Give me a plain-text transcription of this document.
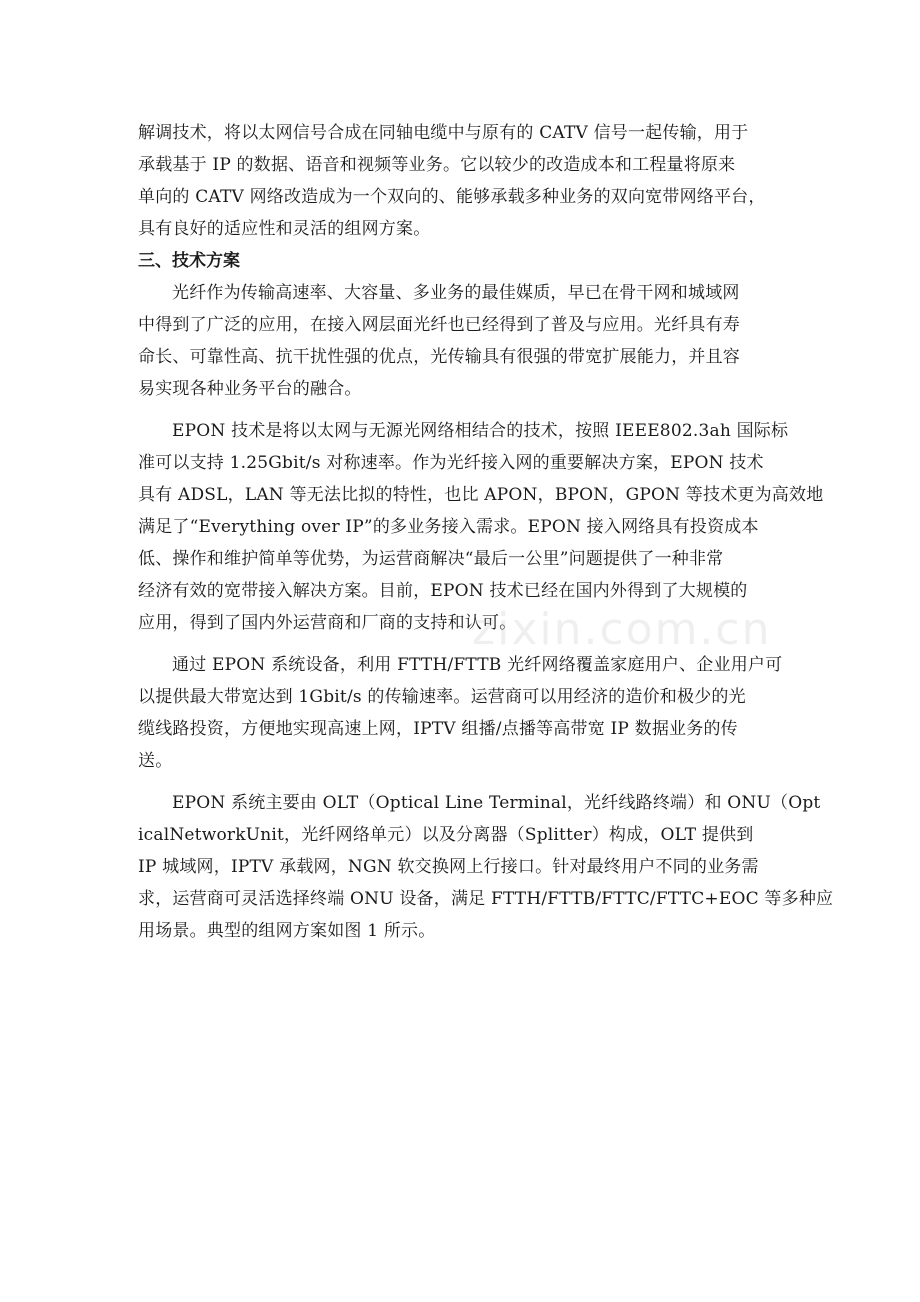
解调技术，将以太网信号合成在同轴电缆中与原有的 CATV 信号一起传输，用于
承载基于 IP 的数据、语音和视频等业务。它以较少的改造成本和工程量将原来
单向的 CATV 网络改造成为一个双向的、能够承载多种业务的双向宽带网络平台，
具有良好的适应性和灵活的组网方案。
三、技术方案
光纤作为传输高速率、大容量、多业务的最佳媒质，早已在骨干网和城域网
中得到了广泛的应用，在接入网层面光纤也已经得到了普及与应用。光纤具有寿
命长、可靠性高、抗干扰性强的优点，光传输具有很强的带宽扩展能力，并且容
易实现各种业务平台的融合。
EPON 技术是将以太网与无源光网络相结合的技术，按照 IEEE802.3ah 国际标
准可以支持 1.25Gbit/s 对称速率。作为光纤接入网的重要解决方案，EPON 技术
具有 ADSL，LAN 等无法比拟的特性，也比 APON，BPON，GPON 等技术更为高效地
满足了“Everything over IP”的多业务接入需求。EPON 接入网络具有投资成本
低、操作和维护简单等优势，为运营商解决“最后一公里”问题提供了一种非常
经济有效的宽带接入解决方案。目前，EPON 技术已经在国内外得到了大规模的
应用，得到了国内外运营商和厂商的支持和认可。
通过 EPON 系统设备，利用 FTTH/FTTB 光纤网络覆盖家庭用户、企业用户可
以提供最大带宽达到 1Gbit/s 的传输速率。运营商可以用经济的造价和极少的光
缆线路投资，方便地实现高速上网，IPTV 组播/点播等高带宽 IP 数据业务的传
送。
EPON 系统主要由 OLT（Optical Line Terminal，光纤线路终端）和 ONU（Opt
icalNetworkUnit，光纤网络单元）以及分离器（Splitter）构成，OLT 提供到
IP 城域网，IPTV 承载网，NGN 软交换网上行接口。针对最终用户不同的业务需
求，运营商可灵活选择终端 ONU 设备，满足 FTTH/FTTB/FTTC/FTTC+EOC 等多种应
用场景。典型的组网方案如图 1 所示。
zixin.com.cn
